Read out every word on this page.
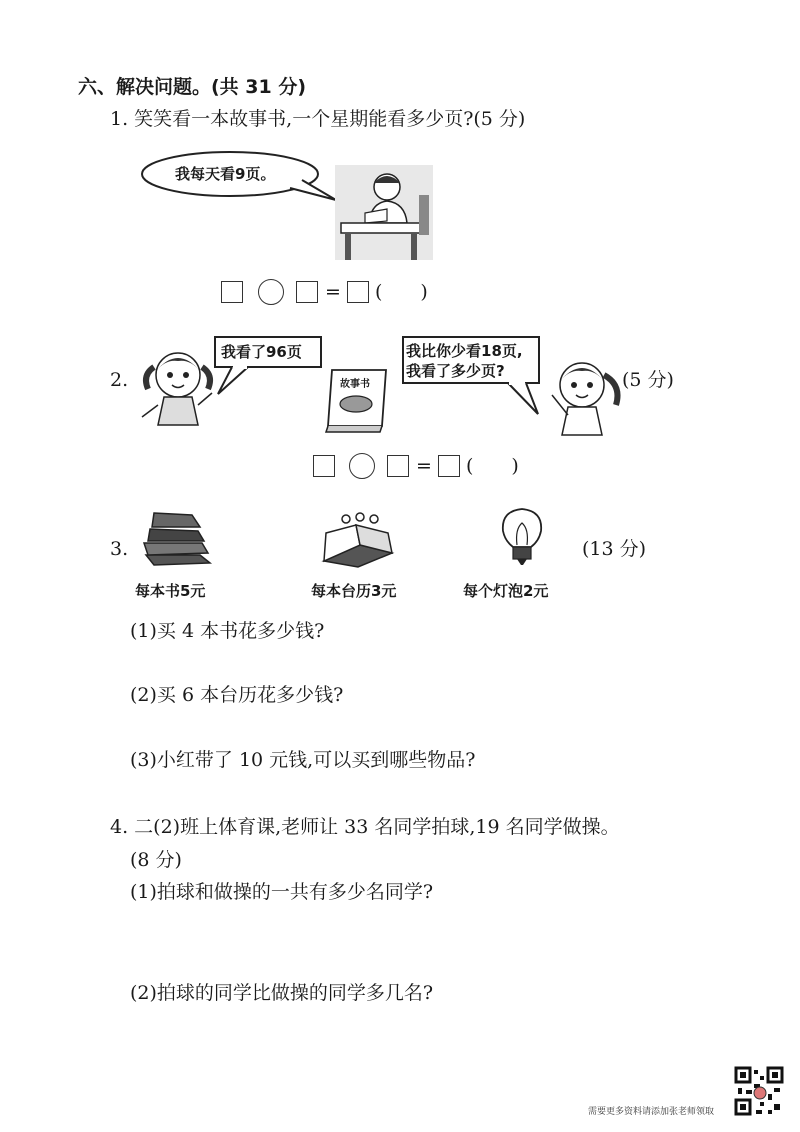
六、解决问题。(共 31 分)
1. 笑笑看一本故事书,一个星期能看多少页?(5 分)
我每天看9页。
= (　　)
2.
我看了96页
故事书
我比你少看18页,
我看了多少页?	(5 分)
= (　　)
3.	(13 分)
每本书5元	每本台历3元	每个灯泡2元
(1)买 4 本书花多少钱?
(2)买 6 本台历花多少钱?
(3)小红带了 10 元钱,可以买到哪些物品?
4. 二(2)班上体育课,老师让 33 名同学拍球,19 名同学做操。
(8 分)
(1)拍球和做操的一共有多少名同学?
(2)拍球的同学比做操的同学多几名?
需要更多资料请添加张老师领取
